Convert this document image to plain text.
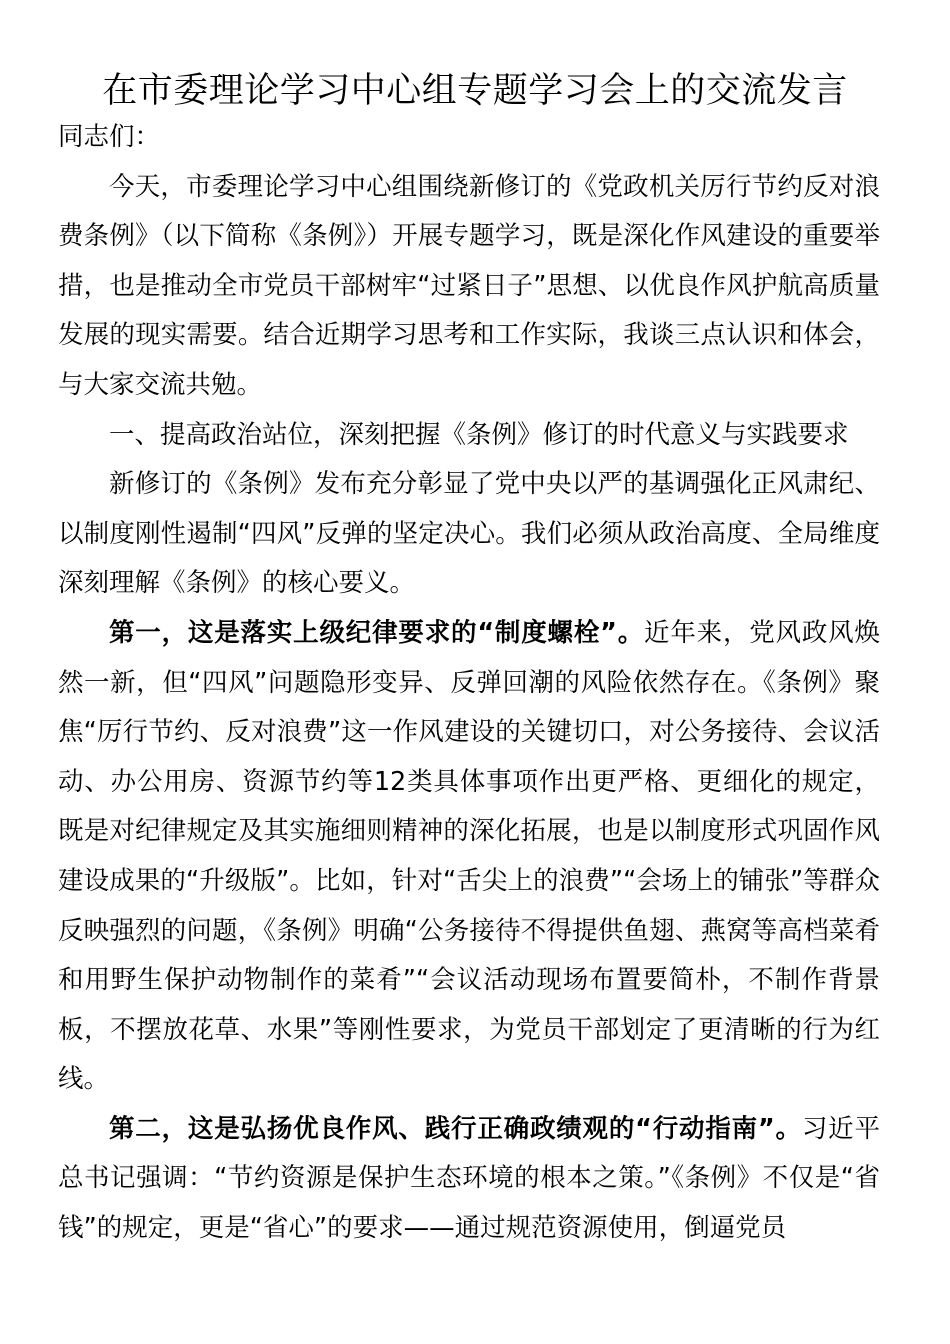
在市委理论学习中心组专题学习会上的交流发言

同志们：

今天，市委理论学习中心组围绕新修订的《党政机关厉行节约反对浪费条例》（以下简称《条例》）开展专题学习，既是深化作风建设的重要举措，也是推动全市党员干部树牢“过紧日子”思想、以优良作风护航高质量发展的现实需要。结合近期学习思考和工作实际，我谈三点认识和体会，与大家交流共勉。

一、提高政治站位，深刻把握《条例》修订的时代意义与实践要求

新修订的《条例》发布充分彰显了党中央以严的基调强化正风肃纪、以制度刚性遏制“四风”反弹的坚定决心。我们必须从政治高度、全局维度深刻理解《条例》的核心要义。

第一，这是落实上级纪律要求的“制度螺栓”。近年来，党风政风焕然一新，但“四风”问题隐形变异、反弹回潮的风险依然存在。《条例》聚焦“厉行节约、反对浪费”这一作风建设的关键切口，对公务接待、会议活动、办公用房、资源节约等12类具体事项作出更严格、更细化的规定，既是对纪律规定及其实施细则精神的深化拓展，也是以制度形式巩固作风建设成果的“升级版”。比如，针对“舌尖上的浪费”“会场上的铺张”等群众反映强烈的问题，《条例》明确“公务接待不得提供鱼翅、燕窝等高档菜肴和用野生保护动物制作的菜肴”“会议活动现场布置要简朴，不制作背景板，不摆放花草、水果”等刚性要求，为党员干部划定了更清晰的行为红线。

第二，这是弘扬优良作风、践行正确政绩观的“行动指南”。习近平总书记强调：“节约资源是保护生态环境的根本之策。”《条例》不仅是“省钱”的规定，更是“省心”的要求——通过规范资源使用，倒逼党员
